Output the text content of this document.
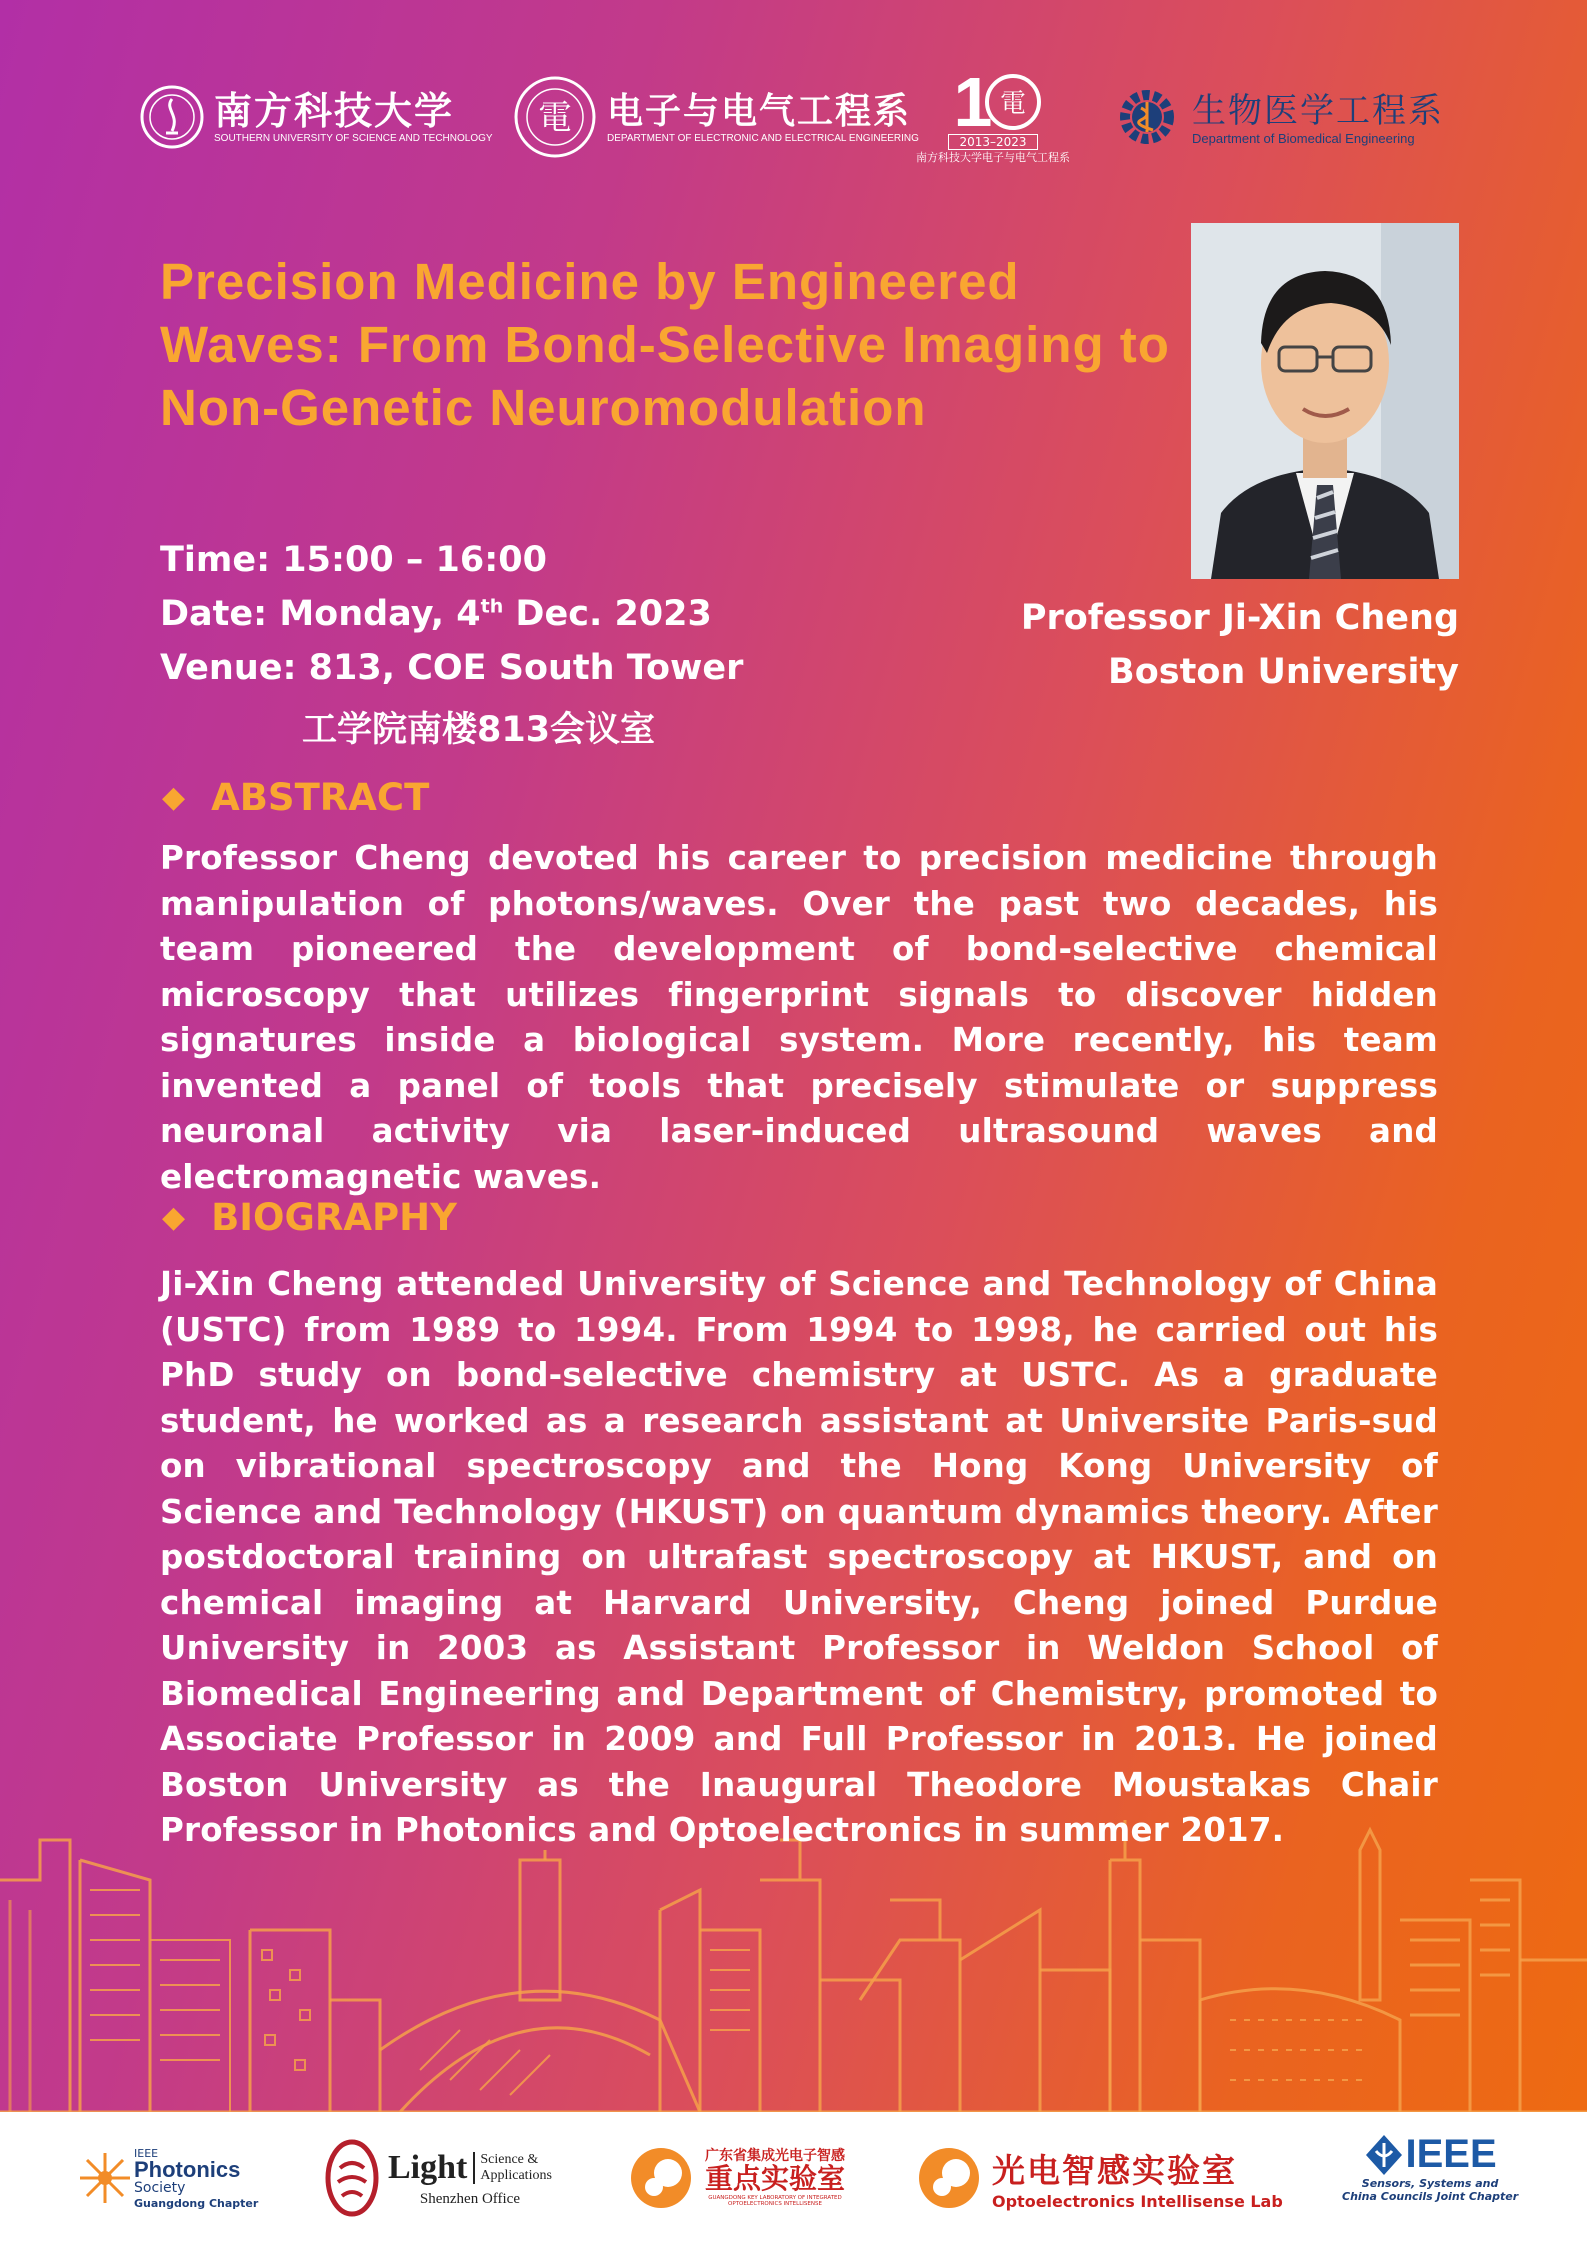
南方科技大学
SOUTHERN UNIVERSITY OF SCIENCE AND TECHNOLOGY 電 电子与电气工程系
DEPARTMENT OF ELECTRONIC AND ELECTRICAL ENGINEERING 1 電
2013–2023
南方科技大学电子与电气工程系
生物医学工程系
Department of Biomedical Engineering
Precision Medicine by Engineered Waves: From Bond-Selective Imaging to Non-Genetic Neuromodulation
Time: 15:00 – 16:00
Date: Monday, 4th Dec. 2023
Venue: 813, COE South Tower
工学院南楼813会议室
Professor Ji-Xin Cheng
Boston University
◆ ABSTRACT

Professor Cheng devoted his career to precision medicine through manipulation of photons/waves. Over the past two decades, his team pioneered the development of bond-selective chemical microscopy that utilizes fingerprint signals to discover hidden signatures inside a biological system. More recently, his team invented a panel of tools that precisely stimulate or suppress neuronal activity via laser-induced ultrasound waves and electromagnetic waves.

◆ BIOGRAPHY

Ji-Xin Cheng attended University of Science and Technology of China (USTC) from 1989 to 1994. From 1994 to 1998, he carried out his PhD study on bond-selective chemistry at USTC. As a graduate student, he worked as a research assistant at Universite Paris-sud on vibrational spectroscopy and the Hong Kong University of Science and Technology (HKUST) on quantum dynamics theory. After postdoctoral training on ultrafast spectroscopy at HKUST, and on chemical imaging at Harvard University, Cheng joined Purdue University in 2003 as Assistant Professor in Weldon School of Biomedical Engineering and Department of Chemistry, promoted to Associate Professor in 2009 and Full Professor in 2013. He joined Boston University as the Inaugural Theodore Moustakas Chair Professor in Photonics and Optoelectronics in summer 2017.

IEEE
Photonics
Society
Guangdong Chapter
Light Science &
Applications
Shenzhen Office
广东省集成光电子智感
重点实验室
GUANGDONG KEY LABORATORY OF INTEGRATED OPTOELECTRONICS INTELLISENSE
光电智感实验室
Optoelectronics Intellisense Lab
IEEE
Sensors, Systems and
China Councils Joint Chapter
